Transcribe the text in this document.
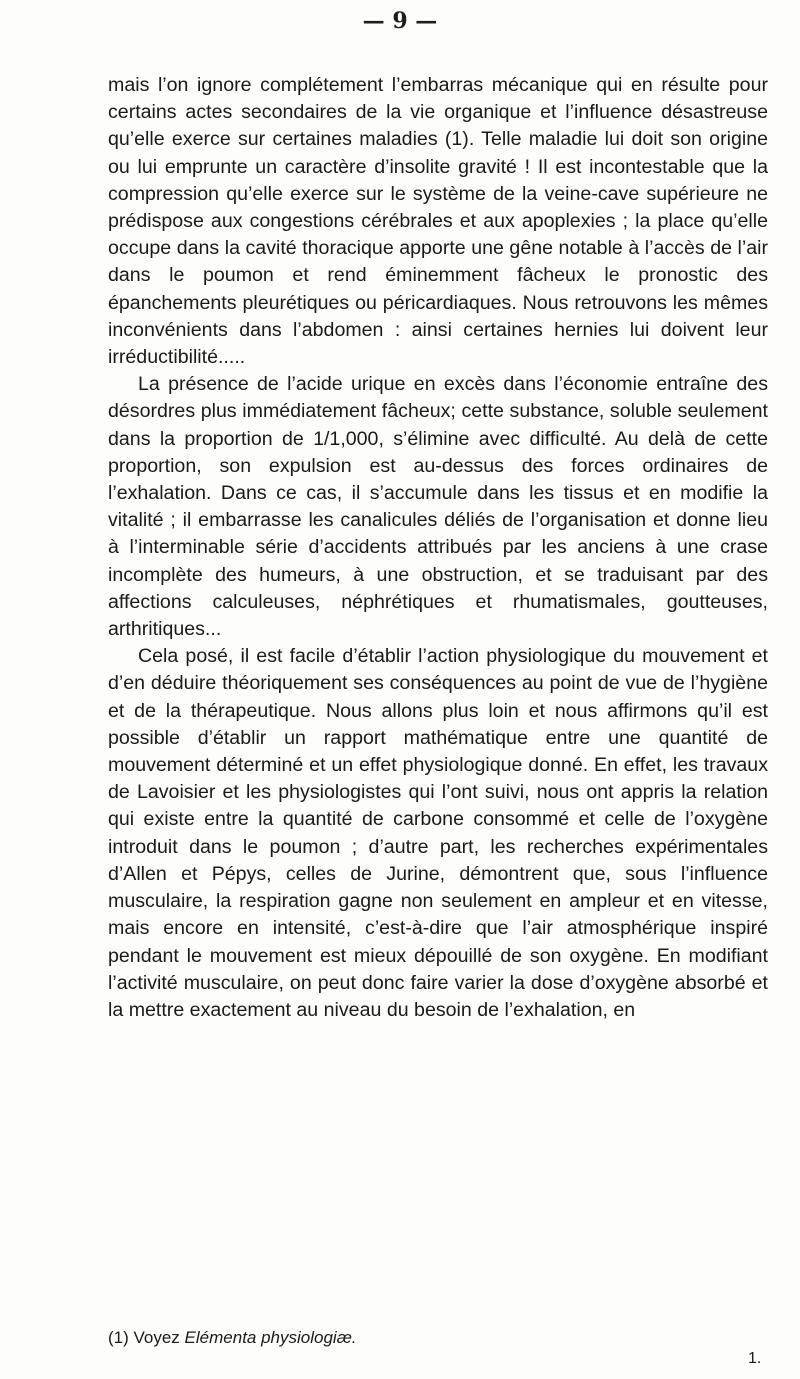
— 9 —

mais l’on ignore complétement l’embarras mécanique qui en résulte pour certains actes secondaires de la vie organique et l’influence désastreuse qu’elle exerce sur certaines maladies (1). Telle maladie lui doit son origine ou lui emprunte un caractère d’insolite gravité ! Il est incontestable que la compression qu’elle exerce sur le système de la veine-cave supérieure ne prédispose aux congestions cérébrales et aux apoplexies ; la place qu’elle occupe dans la cavité thoracique apporte une gêne notable à l’accès de l’air dans le poumon et rend éminemment fâcheux le pronostic des épanchements pleurétiques ou péricardiaques. Nous retrouvons les mêmes inconvénients dans l’abdomen : ainsi certaines hernies lui doivent leur irréductibilité.....

La présence de l’acide urique en excès dans l’économie entraîne des désordres plus immédiatement fâcheux; cette substance, soluble seulement dans la proportion de 1/1,000, s’élimine avec difficulté. Au delà de cette proportion, son expulsion est au-dessus des forces ordinaires de l’exhalation. Dans ce cas, il s’accumule dans les tissus et en modifie la vitalité ; il embarrasse les canalicules déliés de l’organisation et donne lieu à l’interminable série d’accidents attribués par les anciens à une crase incomplète des humeurs, à une obstruction, et se traduisant par des affections calculeuses, néphrétiques et rhumatismales, goutteuses, arthritiques...

Cela posé, il est facile d’établir l’action physiologique du mouvement et d’en déduire théoriquement ses conséquences au point de vue de l’hygiène et de la thérapeutique. Nous allons plus loin et nous affirmons qu’il est possible d’établir un rapport mathématique entre une quantité de mouvement déterminé et un effet physiologique donné. En effet, les travaux de Lavoisier et les physiologistes qui l’ont suivi, nous ont appris la relation qui existe entre la quantité de carbone consommé et celle de l’oxygène introduit dans le poumon ; d’autre part, les recherches expérimentales d’Allen et Pépys, celles de Jurine, démontrent que, sous l’influence musculaire, la respiration gagne non seulement en ampleur et en vitesse, mais encore en intensité, c’est-à-dire que l’air atmosphérique inspiré pendant le mouvement est mieux dépouillé de son oxygène. En modifiant l’activité musculaire, on peut donc faire varier la dose d’oxygène absorbé et la mettre exactement au niveau du besoin de l’exhalation, en

(1) Voyez Elémenta physiologiæ.
1.
